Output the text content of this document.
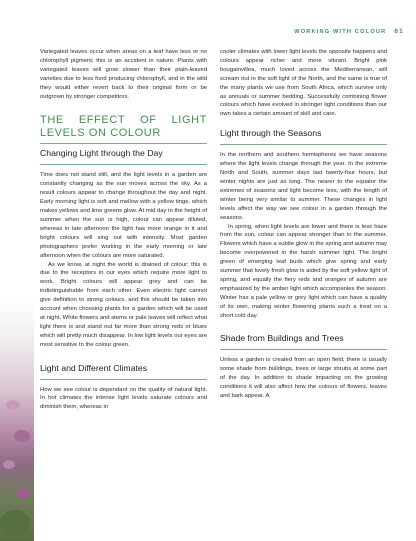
WORKING WITH COLOUR 61

Variegated leaves occur when areas on a leaf have less or no chlorophyll pigment; this is an accident in nature. Plants with variegated leaves will grow slower than their plain-leaved varieties due to less food producing chlorophyll, and in the wild they would either revert back to their original form or be outgrown by stronger competitors.

THE EFFECT OF LIGHT LEVELS ON COLOUR
Changing Light through the Day

Time does not stand still, and the light levels in a garden are constantly changing as the sun moves across the sky. As a result colours appear to change throughout the day and night. Early morning light is soft and mellow with a yellow tinge, which makes yellows and lime greens glow. At mid day in the height of summer when the sun is high, colour can appear diluted, whereas in late afternoon the light has more orange in it and bright colours will sing out with intensity. Most garden photographers prefer working in the early morning or late afternoon when the colours are more saturated.

As we know, at night the world is drained of colour; this is due to the receptors in our eyes which require more light to work. Bright colours will appear grey and can be indistinguishable from each other. Even electric light cannot give definition to strong colours, and this should be taken into account when choosing plants for a garden which will be used at night. White flowers and stems or pale leaves will reflect what light there is and stand out far more than strong reds or blues which will pretty much disappear. In low light levels our eyes are most sensitive to the colour green.

Light and Different Climates

How we see colour is dependant on the quality of natural light. In hot climates the intense light levels saturate colours and diminish them, whereas in

cooler climates with lower light levels the opposite happens and colours appear richer and more vibrant. Bright pink bougainvillea, much loved across the Mediterranean, will scream out in the soft light of the North, and the same is true of the many plants we use from South Africa, which survive only as annuals or summer bedding. Successfully combining flower colours which have evolved in stronger light conditions than our own takes a certain amount of skill and care.

Light through the Seasons

In the northern and southern hemispheres we have seasons where the light levels change through the year. In the extreme North and South, summer days last twenty-four hours, but winter nights are just as long. The nearer to the equator the extremes of seasons and light become less, with the length of winter being very similar to summer. These changes in light levels affect the way we see colour in a garden through the seasons.

In spring, when light levels are lower and there is less haze from the sun, colour can appear stronger than in the summer. Flowers which have a subtle glow in the spring and autumn may become overpowered in the harsh summer light. The bright green of emerging leaf buds which give spring and early summer that lovely fresh glow is aided by the soft yellow light of spring, and equally the fiery reds and oranges of autumn are emphasized by the amber light which accompanies the season. Winter has a pale yellow or grey light which can have a quality of its own, making winter flowering plants such a treat on a short cold day.

Shade from Buildings and Trees

Unless a garden is created from an open field, there is usually some shade from buildings, trees or large shrubs at some part of the day. In addition to shade impacting on the growing conditions it will also affect how the colours of flowers, leaves and bark appear. A
